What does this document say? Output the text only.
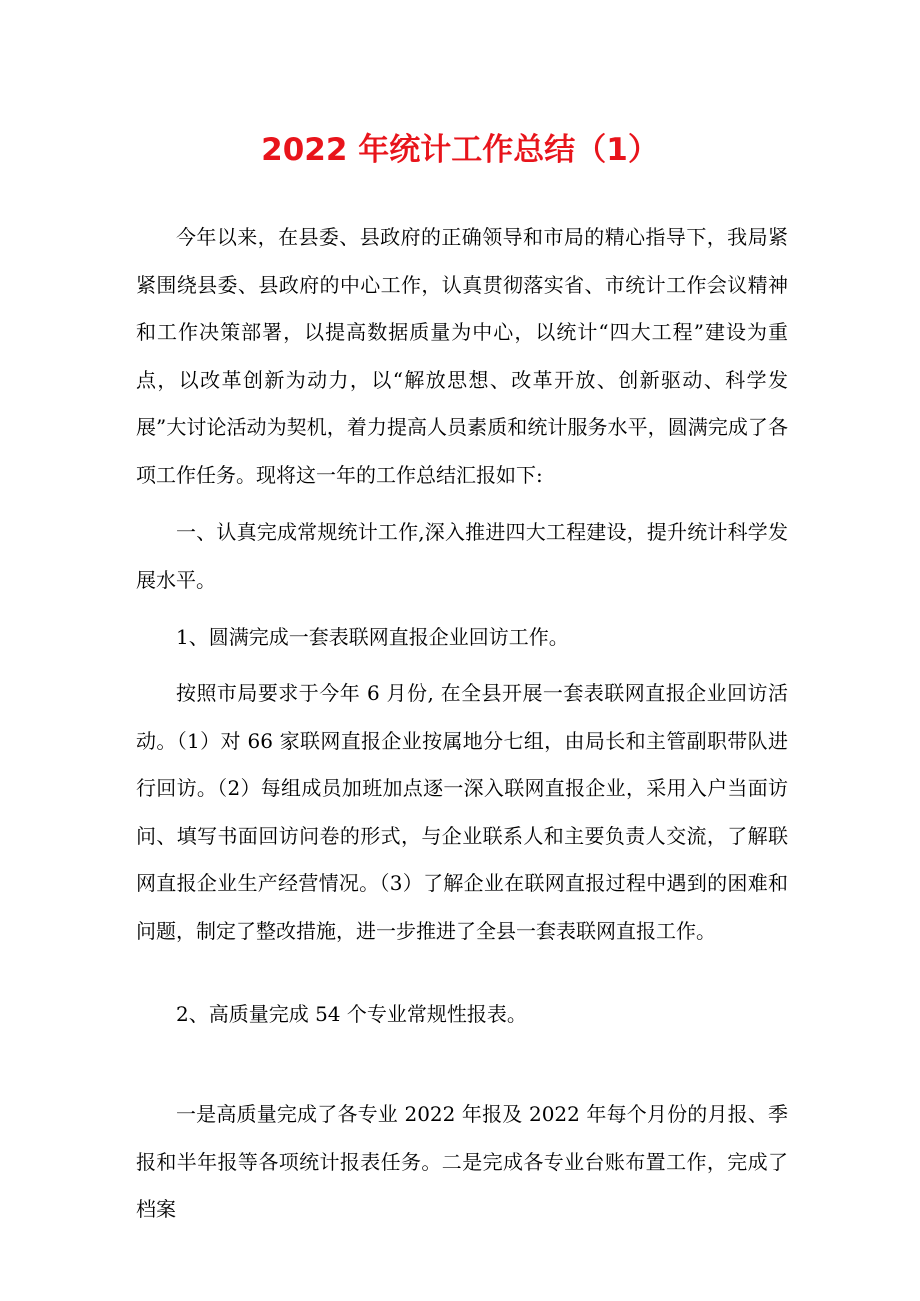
2022 年统计工作总结（1）

今年以来，在县委、县政府的正确领导和市局的精心指导下，我局紧紧围绕县委、县政府的中心工作，认真贯彻落实省、市统计工作会议精神和工作决策部署，以提高数据质量为中心，以统计“四大工程”建设为重点，以改革创新为动力，以“解放思想、改革开放、创新驱动、科学发展”大讨论活动为契机，着力提高人员素质和统计服务水平，圆满完成了各项工作任务。现将这一年的工作总结汇报如下:

一、认真完成常规统计工作,深入推进四大工程建设，提升统计科学发展水平。

1、圆满完成一套表联网直报企业回访工作。

按照市局要求于今年 6 月份, 在全县开展一套表联网直报企业回访活动。（1）对 66 家联网直报企业按属地分七组，由局长和主管副职带队进行回访。（2）每组成员加班加点逐一深入联网直报企业，采用入户当面访问、填写书面回访问卷的形式，与企业联系人和主要负责人交流，了解联网直报企业生产经营情况。（3）了解企业在联网直报过程中遇到的困难和问题，制定了整改措施，进一步推进了全县一套表联网直报工作。

2、高质量完成 54 个专业常规性报表。

一是高质量完成了各专业 2022 年报及 2022 年每个月份的月报、季报和半年报等各项统计报表任务。二是完成各专业台账布置工作，完成了档案
